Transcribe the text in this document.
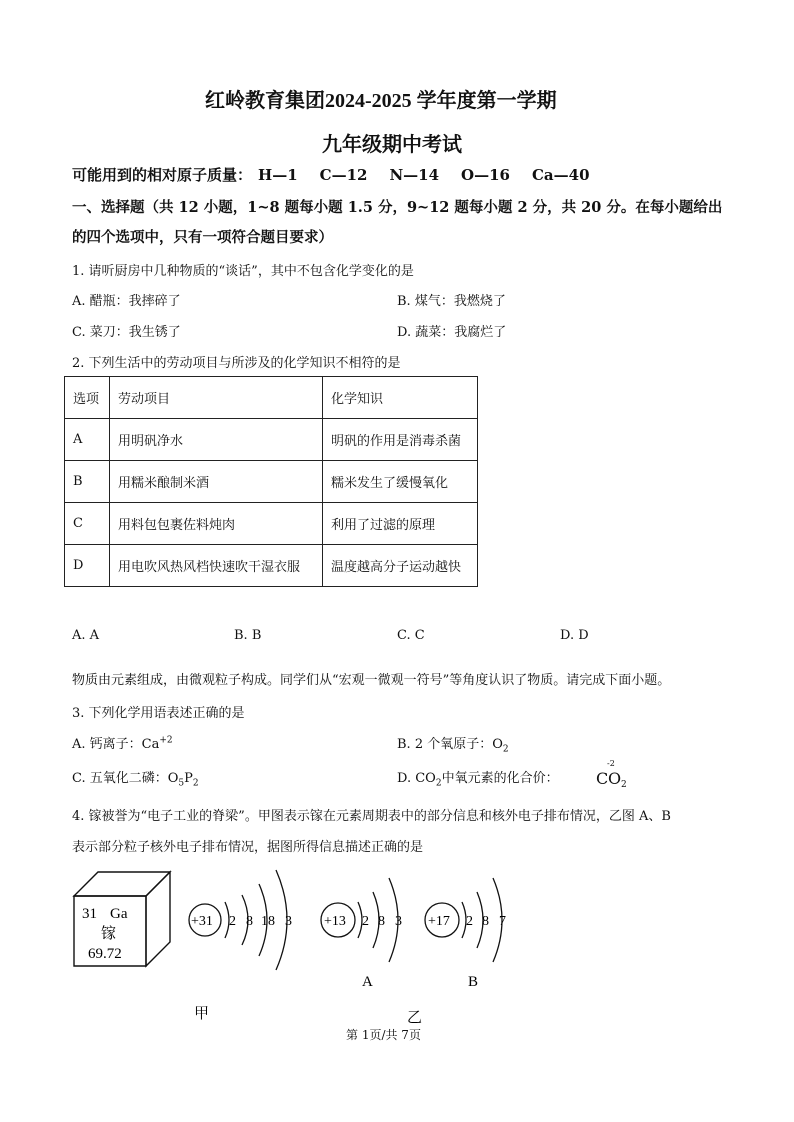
红岭教育集团2024-2025 学年度第一学期
九年级期中考试
可能用到的相对原子质量： H—1 C—12 N—14 O—16 Ca—40
一、选择题（共 12 小题，1~8 题每小题 1.5 分，9~12 题每小题 2 分，共 20 分。在每小题给出
的四个选项中，只有一项符合题目要求）
1. 请听厨房中几种物质的“谈话”，其中不包含化学变化的是
A. 醋瓶：我摔碎了	B. 煤气：我燃烧了
C. 菜刀：我生锈了	D. 蔬菜：我腐烂了
2. 下列生活中的劳动项目与所涉及的化学知识不相符的是
选项	劳动项目	化学知识
A	用明矾净水	明矾的作用是消毒杀菌
B	用糯米酿制米酒	糯米发生了缓慢氧化
C	用料包包裹佐料炖肉	利用了过滤的原理
D	用电吹风热风档快速吹干湿衣服	温度越高分子运动越快
A. A	B. B	C. C	D. D
物质由元素组成，由微观粒子构成。同学们从“宏观一微观一符号”等角度认识了物质。请完成下面小题。
3. 下列化学用语表述正确的是
A. 钙离子：$Ca^{+2}$	B. 2 个氧原子：$O_2$
C. 五氧化二磷：$O_5P_2$	D. $CO_2$中氧元素的化合价：
-2
C O 2
4. 镓被誉为“电子工业的脊梁”。甲图表示镓在元素周期表中的部分信息和核外电子排布情况，乙图 A、B
表示部分粒子核外电子排布情况，据图所得信息描述正确的是
31 Ga
镓
69.72
+31 2 8 18 3 +13 2 8 3
A
+17 2 8 7
B
甲	乙
第 1页/共 7页
